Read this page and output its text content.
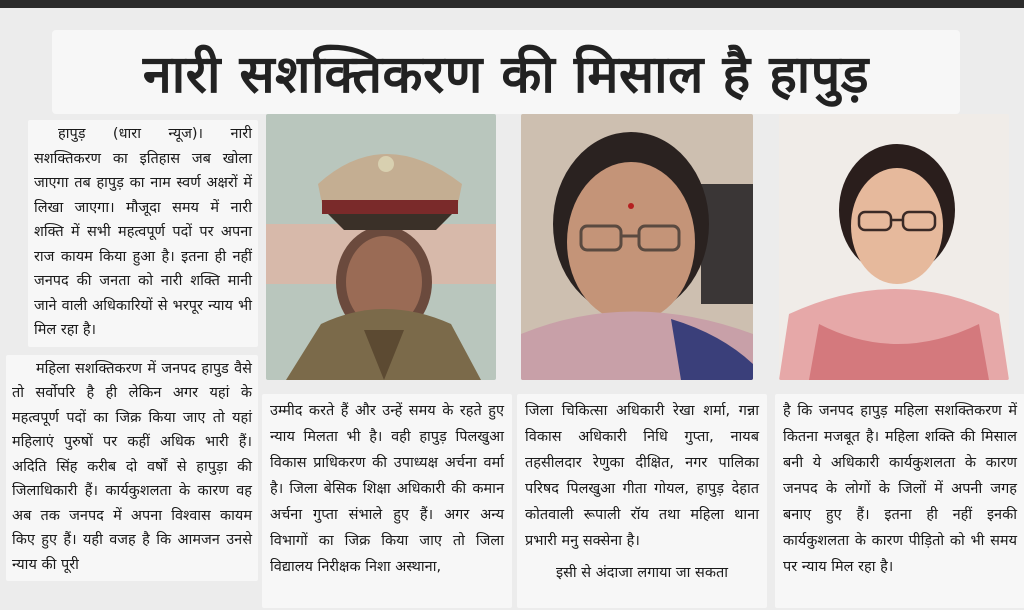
नारी सशक्तिकरण की मिसाल है हापुड़
हापुड़ (धारा न्यूज)। नारी सशक्तिकरण का इतिहास जब खोला जाएगा तब हापुड़ का नाम स्वर्ण अक्षरों में लिखा जाएगा। मौजूदा समय में नारी शक्ति में सभी महत्वपूर्ण पदों पर अपना राज कायम किया हुआ है। इतना ही नहीं जनपद की जनता को नारी शक्ति मानी जाने वाली अधिकारियों से भरपूर न्याय भी मिल रहा है।
महिला सशक्तिकरण में जनपद हापुड वैसे तो सर्वोपरि है ही लेकिन अगर यहां के महत्वपूर्ण पदों का जिक्र किया जाए तो यहां महिलाएं पुरुषों पर कहीं अधिक भारी हैं। अदिति सिंह करीब दो वर्षों से हापुड़ा की जिलाधिकारी हैं। कार्यकुशलता के कारण वह अब तक जनपद में अपना विश्वास कायम किए हुए हैं। यही वजह है कि आमजन उनसे न्याय की पूरी
उम्मीद करते हैं और उन्हें समय के रहते हुए न्याय मिलता भी है। वही हापुड़ पिलखुआ विकास प्राधिकरण की उपाध्यक्ष अर्चना वर्मा है। जिला बेसिक शिक्षा अधिकारी की कमान अर्चना गुप्ता संभाले हुए हैं। अगर अन्य विभागों का जिक्र किया जाए तो जिला विद्यालय निरीक्षक निशा अस्थाना,
जिला चिकित्सा अधिकारी रेखा शर्मा, गन्ना विकास अधिकारी निधि गुप्ता, नायब तहसीलदार रेणुका दीक्षित, नगर पालिका परिषद पिलखुआ गीता गोयल, हापुड़ देहात कोतवाली रूपाली रॉय तथा महिला थाना प्रभारी मनु सक्सेना है।
इसी से अंदाजा लगाया जा सकता
है कि जनपद हापुड़ महिला सशक्तिकरण में कितना मजबूत है। महिला शक्ति की मिसाल बनी ये अधिकारी कार्यकुशलता के कारण जनपद के लोगों के जिलों में अपनी जगह बनाए हुए हैं। इतना ही नहीं इनकी कार्यकुशलता के कारण पीड़ितो को भी समय पर न्याय मिल रहा है।
